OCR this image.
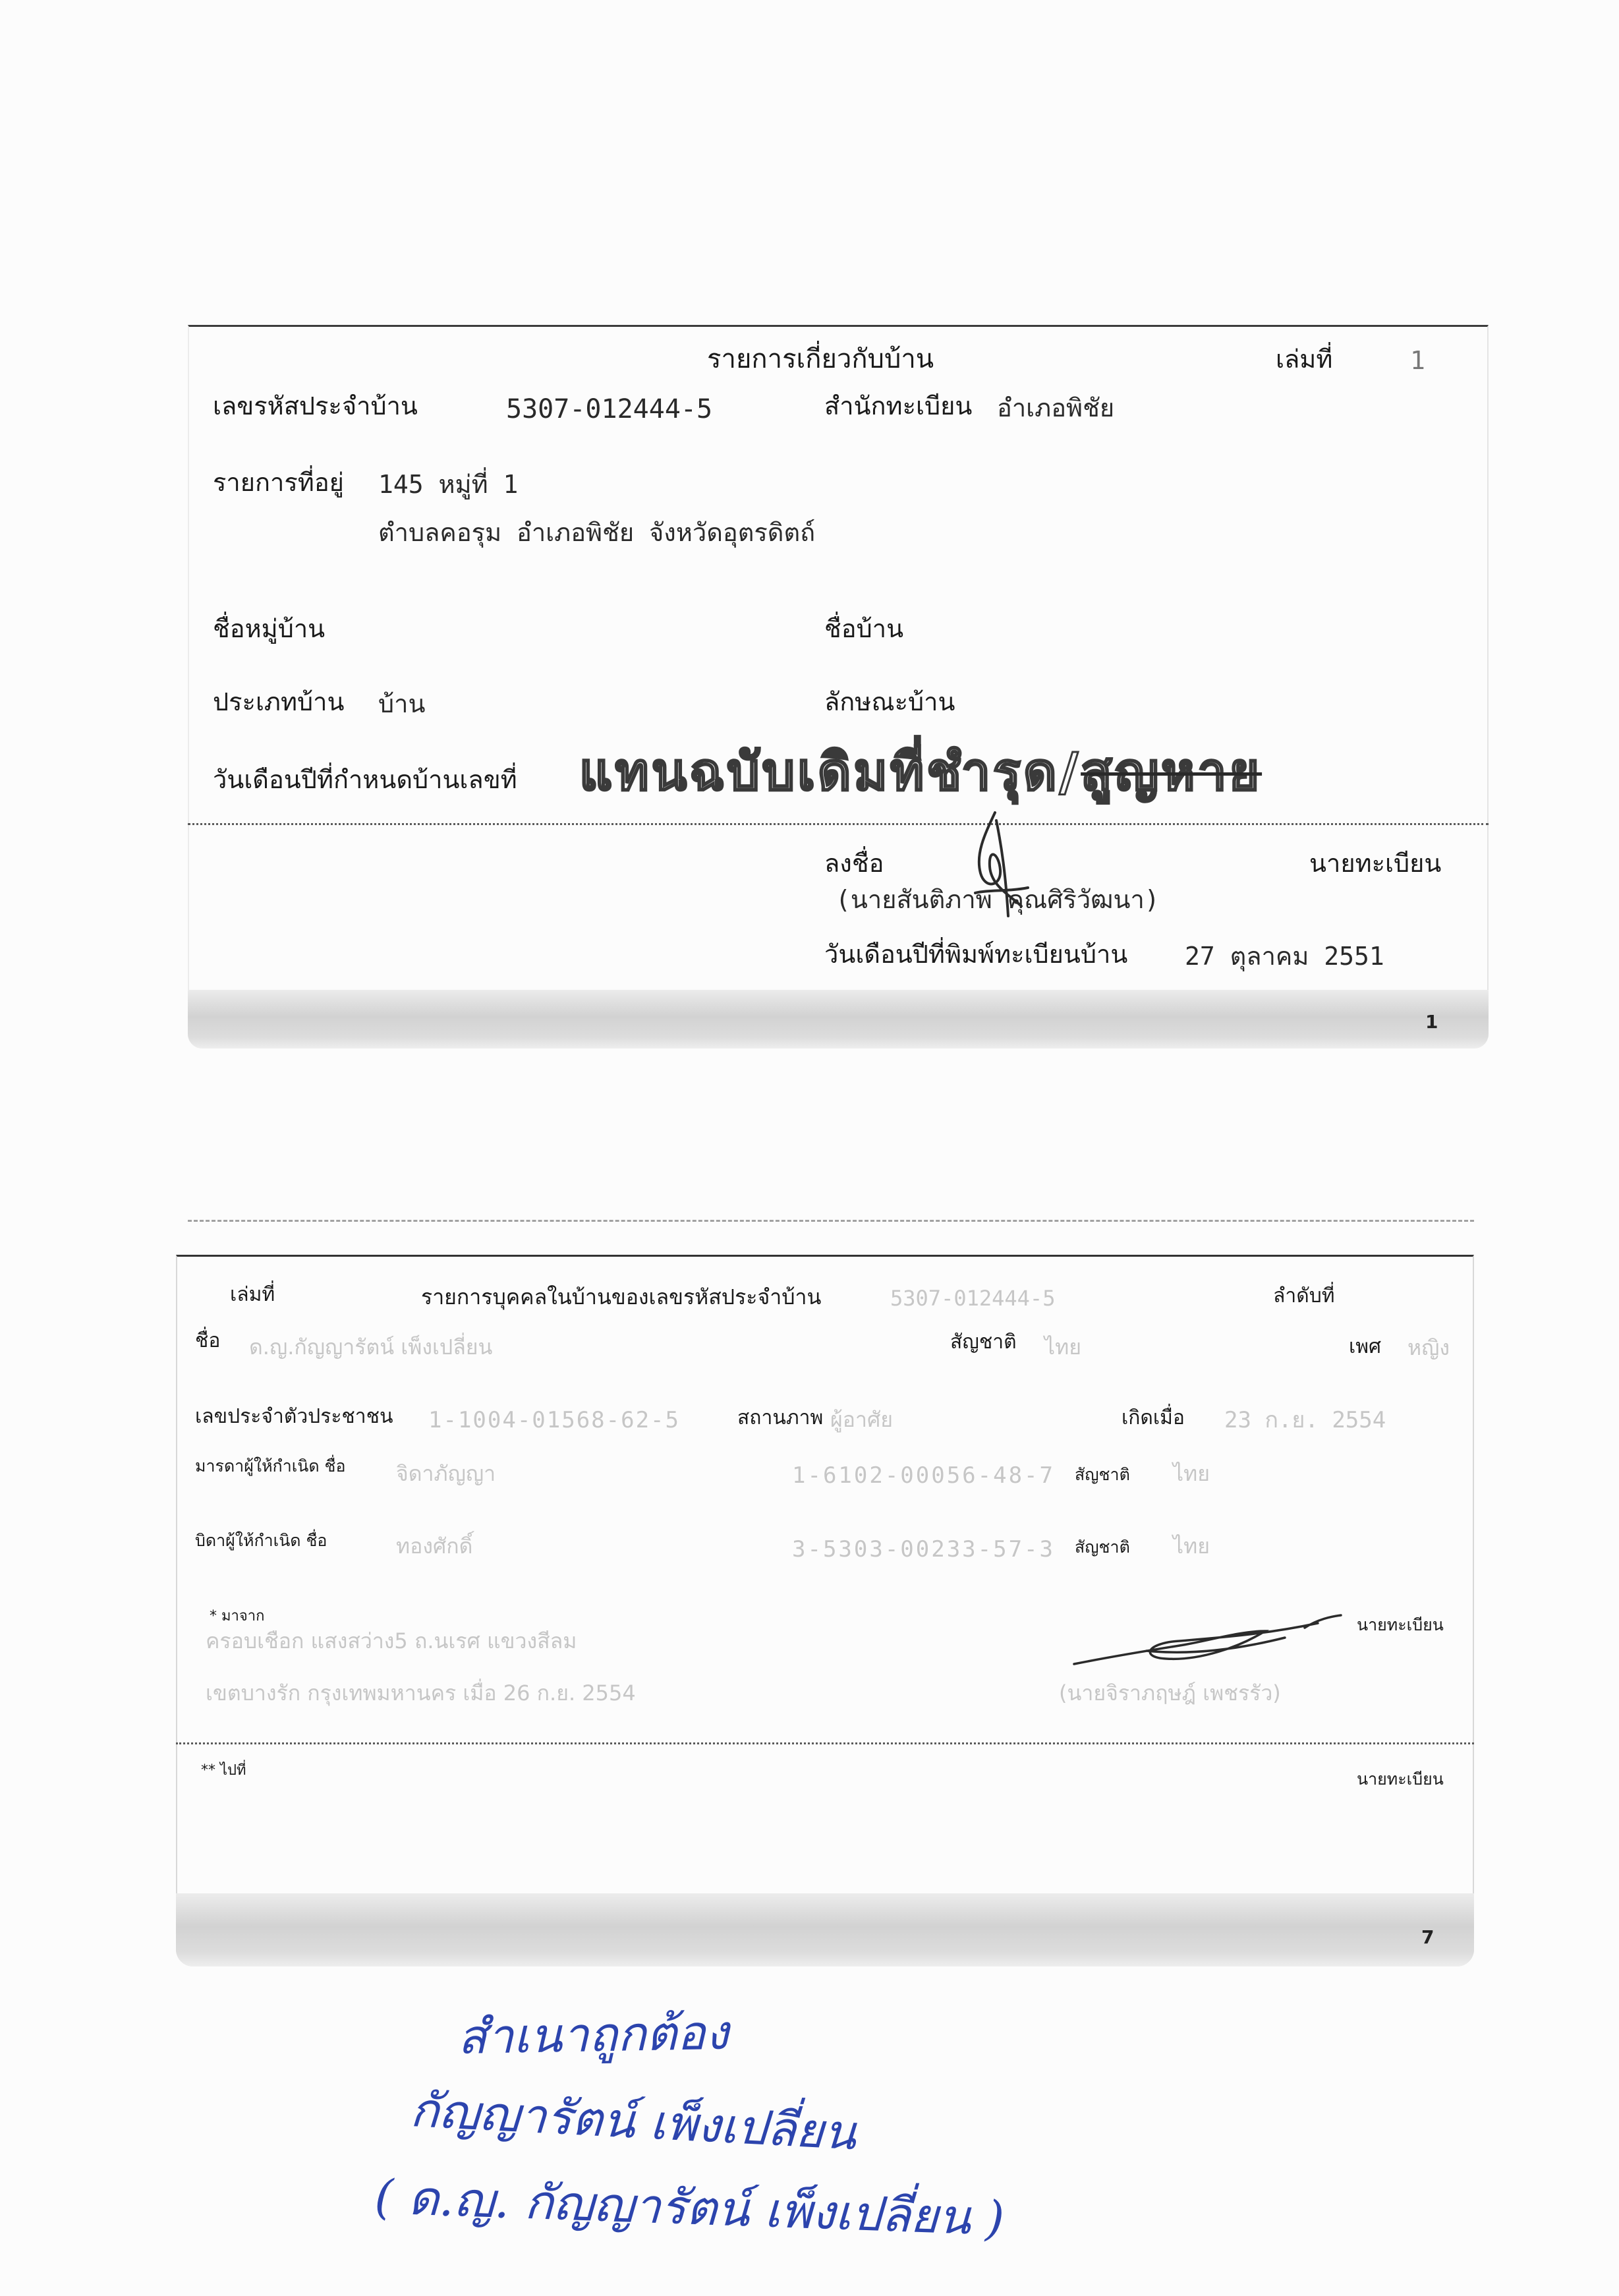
รายการเกี่ยวกับบ้าน	เล่มที่	1
เลขรหัสประจำบ้าน	5307-012444-5	สำนักทะเบียน อำเภอพิชัย
รายการที่อยู่ 145 หมู่ที่ 1
ตำบลคอรุม อำเภอพิชัย จังหวัดอุตรดิตถ์
ชื่อหมู่บ้าน	ชื่อบ้าน
ประเภทบ้าน บ้าน	ลักษณะบ้าน
วันเดือนปีที่กำหนดบ้านเลขที่ แทนฉบับเดิมที่ชำรุด/สูญหาย
ลงชื่อ	นายทะเบียน
(นายสันติภาพ คุณศิริวัฒนา)
วันเดือนปีที่พิมพ์ทะเบียนบ้าน 27 ตุลาคม 2551
1
เล่มที่	รายการบุคคลในบ้านของเลขรหัสประจำบ้าน	5307-012444-5	ลำดับที่
ชื่อ ด.ญ.กัญญารัตน์ เพ็งเปลี่ยน	สัญชาติ ไทย	เพศ หญิง
เลขประจำตัวประชาชน 1-1004-01568-62-5	สถานภาพ ผู้อาศัย	เกิดเมื่อ 23 ก.ย. 2554
มารดาผู้ให้กำเนิด ชื่อ จิดาภัญญา	1-6102-00056-48-7 สัญชาติ ไทย
บิดาผู้ให้กำเนิด ชื่อ	ทองศักดิ์	3-5303-00233-57-3 สัญชาติ ไทย
* มาจาก
ครอบเชือก แสงสว่าง5 ถ.นเรศ แขวงสีลม
เขตบางรัก กรุงเทพมหานคร เมื่อ 26 ก.ย. 2554
นายทะเบียน
(นายจิราภฤษฎ์ เพชรรัว)
** ไปที่	นายทะเบียน
7
สำเนาถูกต้อง
กัญญารัตน์ เพ็งเปลี่ยน
( ด.ญ. กัญญารัตน์ เพ็งเปลี่ยน )
